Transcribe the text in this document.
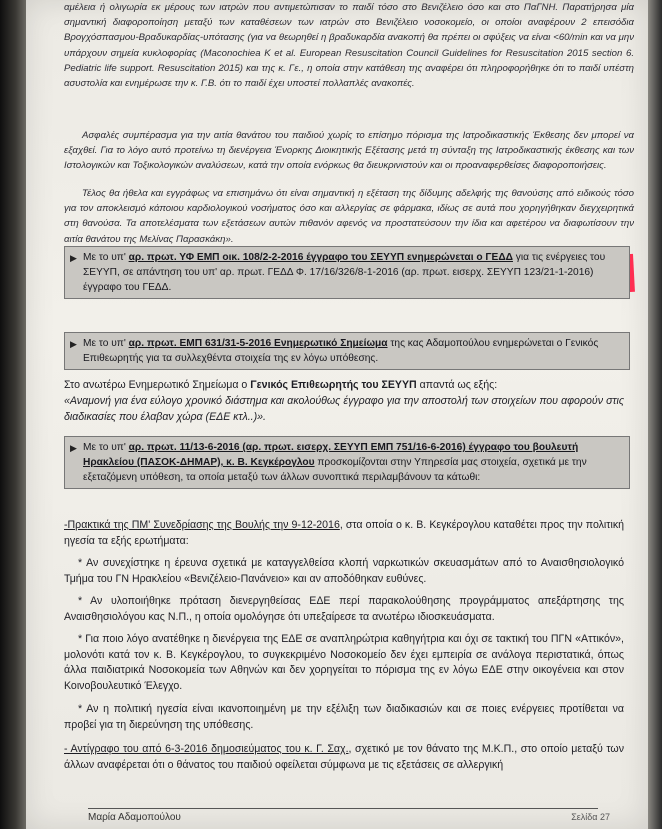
αμέλεια ή ολιγωρία εκ μέρους των ιατρών που αντιμετώπισαν το παιδί τόσο στο Βενιζέλειο όσο και στο ΠαГΝΗ. Παρατήρησα μία σημαντική διαφοροποίηση μεταξύ των καταθέσεων των ιατρών στο Βενιζέλειο νοσοκομείο, οι οποίοι αναφέρουν 2 επεισόδια Βρογχόσπασμου-Βραδυκαρδίας-υπότασης (για να θεωρηθεί η βραδυκαρδία ανακοπή θα πρέπει οι σφύξεις να είναι <60/min και να μην υπάρχουν σημεία κυκλοφορίας (Maconochiea K et al. European Resuscitation Council Guidelines for Resuscitation 2015 section 6. Pediatric life support. Resuscitation 2015) και της κ. Γε., η οποία στην κατάθεση της αναφέρει ότι πληροφορήθηκε ότι το παιδί υπέστη ασυστολία και ενημέρωσε την κ. Γ.Β. ότι το παιδί έχει υποστεί πολλαπλές ανακοπές.

Ασφαλές συμπέρασμα για την αιτία θανάτου του παιδιού χωρίς το επίσημο πόρισμα της Ιατροδικαστικής Έκθεσης δεν μπορεί να εξαχθεί. Για το λόγο αυτό προτείνω τη διενέργεια Ένορκης Διοικητικής Εξέτασης μετά τη σύνταξη της Ιατροδικαστικής έκθεσης και των Ιστολογικών και Τοξικολογικών αναλύσεων, κατά την οποία ενόρκως θα διευκρινιστούν και οι προαναφερθείσες διαφοροποιήσεις.

Τέλος θα ήθελα και εγγράφως να επισημάνω ότι είναι σημαντική η εξέταση της δίδυμης αδελφής της θανούσης από ειδικούς τόσο για τον αποκλεισμό κάποιου καρδιολογικού νοσήματος όσο και αλλεργίας σε φάρμακα, ιδίως σε αυτά που χορηγήθηκαν διεγχειρητικά στη θανούσα. Τα αποτελέσματα των εξετάσεων αυτών πιθανόν αφενός να προστατεύσουν την ίδια και αφετέρου να διαφωτίσουν την αιτία θανάτου της Μελίνας Παρασκάκη».

▶ Με το υπ' αρ. πρωτ. ΥΦ ΕΜΠ οικ. 108/2-2-2016 έγγραφο του ΣΕΥΥΠ ενημερώνεται ο ΓΕΔΔ για τις ενέργειες του ΣΕΥΥΠ, σε απάντηση του υπ' αρ. πρωτ. ΓΕΔΔ Φ. 17/16/326/8-1-2016 (αρ. πρωτ. εισερχ. ΣΕΥΥΠ 123/21-1-2016) έγγραφο του ΓΕΔΔ.
▶ Με το υπ' αρ. πρωτ. ΕΜΠ 631/31-5-2016 Ενημερωτικό Σημείωμα της κας Αδαμοπούλου ενημερώνεται ο Γενικός Επιθεωρητής για τα συλλεχθέντα στοιχεία της εν λόγω υπόθεσης.

Στο ανωτέρω Ενημερωτικό Σημείωμα ο Γενικός Επιθεωρητής του ΣΕΥΥΠ απαντά ως εξής:

«Αναμονή για ένα εύλογο χρονικό διάστημα και ακολούθως έγγραφο για την αποστολή των στοιχείων που αφορούν στις διαδικασίες που έλαβαν χώρα (ΕΔΕ κτλ..)».

▶ Με το υπ' αρ. πρωτ. 11/13-6-2016 (αρ. πρωτ. εισερχ. ΣΕΥΥΠ ΕΜΠ 751/16-6-2016) έγγραφο του βουλευτή Ηρακλείου (ΠΑΣΟΚ-ΔΗΜΑΡ), κ. Β. Κεγκέρογλου προσκομίζονται στην Υπηρεσία μας στοιχεία, σχετικά με την εξεταζόμενη υπόθεση, τα οποία μεταξύ των άλλων συνοπτικά περιλαμβάνουν τα κάτωθι:

-Πρακτικά της ΠΜ' Συνεδρίασης της Βουλής την 9-12-2016, στα οποία ο κ. Β. Κεγκέρογλου καταθέτει προς την πολιτική ηγεσία τα εξής ερωτήματα:

* Αν συνεχίστηκε η έρευνα σχετικά με καταγγελθείσα κλοπή ναρκωτικών σκευασμάτων από το Αναισθησιολογικό Τμήμα του ΓΝ Ηρακλείου «Βενιζέλειο-Πανάνειο» και αν αποδόθηκαν ευθύνες.

* Αν υλοποιήθηκε πρόταση διενεργηθείσας ΕΔΕ περί παρακολούθησης προγράμματος απεξάρτησης της Αναισθησιολόγου κας Ν.Π., η οποία ομολόγησε ότι υπεξαίρεσε τα ανωτέρω ιδιοσκευάσματα.

* Για ποιο λόγο ανατέθηκε η διενέργεια της ΕΔΕ σε αναπληρώτρια καθηγήτρια και όχι σε τακτική του ΠΓΝ «Αττικόν», μολονότι κατά τον κ. Β. Κεγκέρογλου, το συγκεκριμένο Νοσοκομείο δεν έχει εμπειρία σε ανάλογα περιστατικά, όπως άλλα παιδιατρικά Νοσοκομεία των Αθηνών και δεν χορηγείται το πόρισμα της εν λόγω ΕΔΕ στην οικογένεια και στον Κοινοβουλευτικό Έλεγχο.

* Αν η πολιτική ηγεσία είναι ικανοποιημένη με την εξέλιξη των διαδικασιών και σε ποιες ενέργειες προτίθεται να προβεί για τη διερεύνηση της υπόθεσης.

- Αντίγραφο του από 6-3-2016 δημοσιεύματος του κ. Γ. Σαχ., σχετικό με τον θάνατο της Μ.Κ.Π., στο οποίο μεταξύ των άλλων αναφέρεται ότι ο θάνατος του παιδιού οφείλεται σύμφωνα με τις εξετάσεις σε αλλεργική

Μαρία Αδαμοπούλου	Σελίδα 27
